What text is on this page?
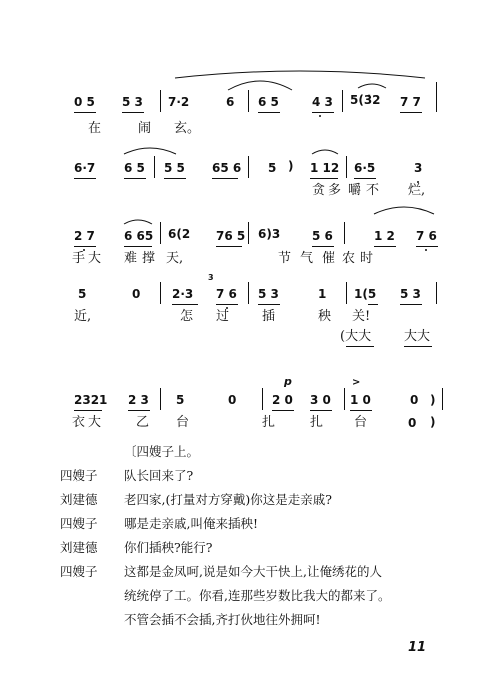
0 5 5 3 7·2	6 6 5	4 3 5(3̇2 7 7
在	闹 玄。
6·7 6 5 5 5 65 6 5 ) 1 12 6·5	3
贪 多 嚼 不 烂,
2 7 6 65 6(2 76 5 6)3	5 6	1 2 7 6
手 大 难 撑 天,	节 气 催 农 时
3
5	0	2·3 7 6 5 3	1 1(5 5 3
近,	怎 过	插	秧 关!
(大大	大大
p	>
2321 2 3 5	0	2 0 3 0 1 0	0 )
衣 大	乙 台	扎	扎 台	0 )
〔四嫂子上。
四嫂子 队长回来了?
刘建德 老四家,(打量对方穿戴)你这是走亲戚?
四嫂子 哪是走亲戚,叫俺来插秧!
刘建德 你们插秧?能行?
四嫂子 这都是金凤呵,说是如今大干快上,让俺绣花的人
统统停了工。你看,连那些岁数比我大的都来了。
不管会插不会插,齐打伙地往外拥呵!
11
